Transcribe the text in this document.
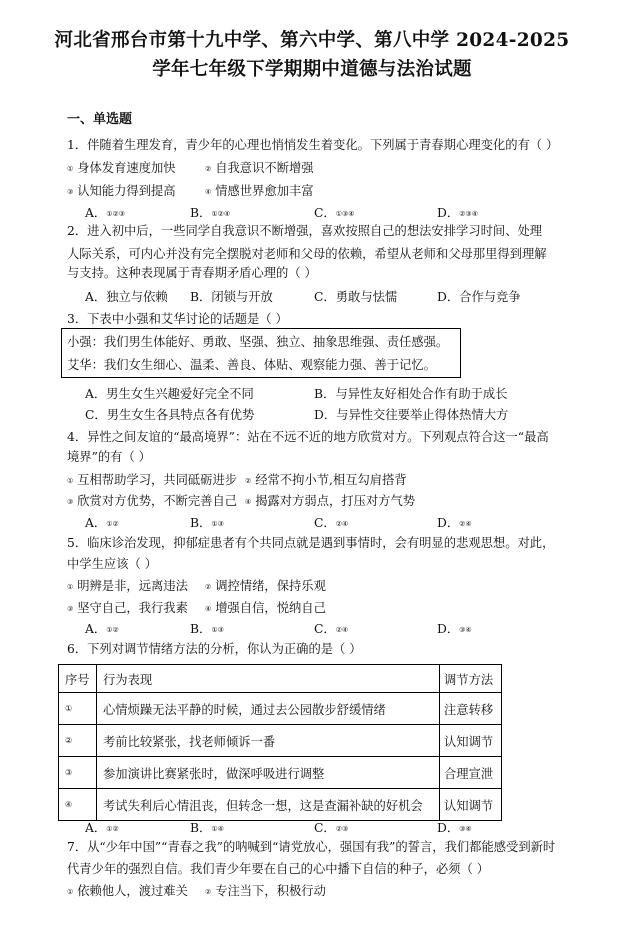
河北省邢台市第十九中学、第六中学、第八中学 2024-2025
学年七年级下学期期中道德与法治试题
一、单选题
1．伴随着生理发育，青少年的心理也悄悄发生着变化。下列属于青春期心理变化的有（ ）
① 身体发育速度加快	② 自我意识不断增强
③ 认知能力得到提高	④ 情感世界愈加丰富
A．①②③	B．①②④	C．①③④	D．②③④
2．进入初中后，一些同学自我意识不断增强，喜欢按照自己的想法安排学习时间、处理
人际关系，可内心并没有完全摆脱对老师和父母的依赖，希望从老师和父母那里得到理解
与支持。这种表现属于青春期矛盾心理的（ ）
A．独立与依赖 B．闭锁与开放	C．勇敢与怯懦	D．合作与竞争
3．下表中小强和艾华讨论的话题是（ ）
小强：我们男生体能好、勇敢、坚强、独立、抽象思维强、责任感强。
艾华：我们女生细心、温柔、善良、体贴、观察能力强、善于记忆。
A．男生女生兴趣爱好完全不同	B．与异性友好相处合作有助于成长
C．男生女生各具特点各有优势	D．与异性交往要举止得体热情大方
4．异性之间友谊的“最高境界”：站在不远不近的地方欣赏对方。下列观点符合这一“最高
境界”的有（ ）
① 互相帮助学习，共同砥砺进步 ② 经常不拘小节,相互勾肩搭背
③ 欣赏对方优势，不断完善自己 ④ 揭露对方弱点，打压对方气势
A．①②	B．①③	C．②④	D．②④
5．临床诊治发现，抑郁症患者有个共同点就是遇到事情时，会有明显的悲观思想。对此，
中学生应该（ ）
① 明辨是非，远离违法 ② 调控情绪，保持乐观
③ 坚守自己，我行我素 ④ 增强自信，悦纳自己
A．①②	B．①③	C．②④	D．③④
6．下列对调节情绪方法的分析，你认为正确的是（ ）
序号	行为表现	调节方法
①	心情烦躁无法平静的时候，通过去公园散步舒缓情绪	注意转移
②	考前比较紧张，找老师倾诉一番	认知调节
③	参加演讲比赛紧张时，做深呼吸进行调整	合理宣泄
④	考试失利后心情沮丧，但转念一想，这是查漏补缺的好机会	认知调节
A．①②	B．①④	C．②③	D．③④
7．从“少年中国”“青春之我”的呐喊到“请党放心，强国有我”的誓言，我们都能感受到新时
代青少年的强烈自信。我们青少年要在自己的心中播下自信的种子，必须（ ）
① 依赖他人，渡过难关 ② 专注当下，积极行动
